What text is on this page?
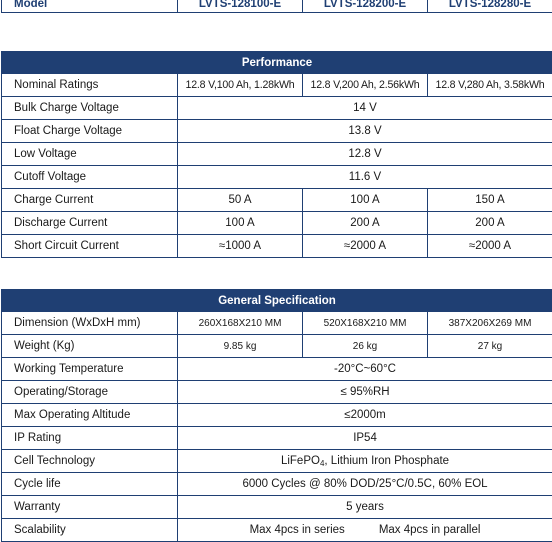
Model	LVTS-128100-E	LVTS-128200-E	LVTS-128280-E
Performance			
Nominal Ratings	12.8 V,100 Ah, 1.28kWh	12.8 V,200 Ah, 2.56kWh	12.8 V,280 Ah, 3.58kWh
Bulk Charge Voltage	14 V		
Float Charge Voltage	13.8 V		
Low Voltage	12.8 V		
Cutoff Voltage	11.6 V		
Charge Current	50 A	100 A	150 A
Discharge Current	100 A	200 A	200 A
Short Circuit Current	≈1000 A	≈2000 A	≈2000 A
General Specification			
Dimension (WxDxH mm)	260X168X210 MM	520X168X210 MM	387X206X269 MM
Weight (Kg)	9.85 kg	26 kg	27 kg
Working Temperature	-20°C~60°C		
Operating/Storage	≤ 95%RH		
Max Operating Altitude	≤2000m		
IP Rating	IP54		
Cell Technology	LiFePO$_4$, Lithium Iron Phosphate		
Cycle life	6000 Cycles @ 80% DOD/25°C/0.5C, 60% EOL		
Warranty	5 years		
Scalability	Max 4pcs in series Max 4pcs in parallel		
